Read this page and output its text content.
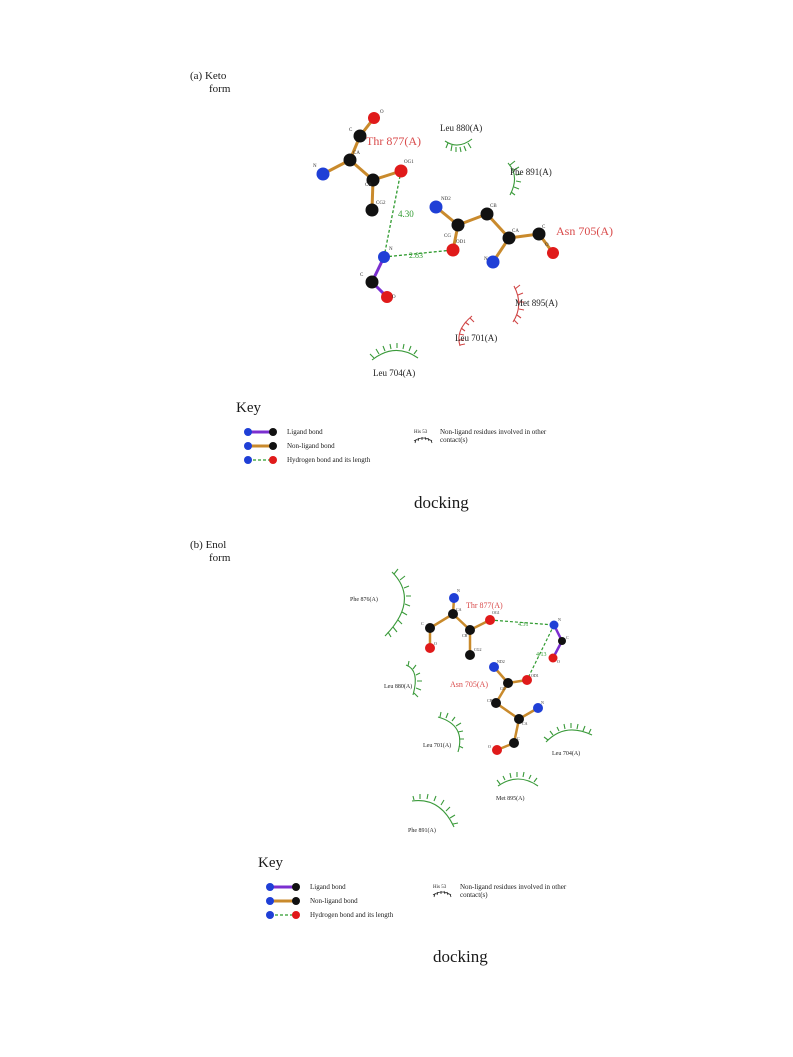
(a) Keto
form
Leu 880(A)
Phe 891(A)
Met 895(A)
Leu 701(A)
Leu 704(A)
4.30
2.83
O
C
CA
N
CB
OG1
CG2
N
C
O
ND2
CB
CG
OD1
CA
C
N
O
Thr 877(A)
Asn 705(A)
Phe 876(A)
Leu 880(A)
Leu 701(A)
Leu 704(A)
Met 895(A)
Phe 891(A)
4.31
4.13
N
CA
C
O
CB
OG1
CG2
N
C
O
ND2
CG
OD1
CB
CA
N
C
O
Thr 877(A)
Asn 705(A)
Key
Ligand bond
Non-ligand bond
Hydrogen bond and its length
His 53 Non-ligand residues involved in other contact(s)
docking
(b) Enol
form
Key
Ligand bond
Non-ligand bond
Hydrogen bond and its length
His 53 Non-ligand residues involved in other contact(s)
docking
